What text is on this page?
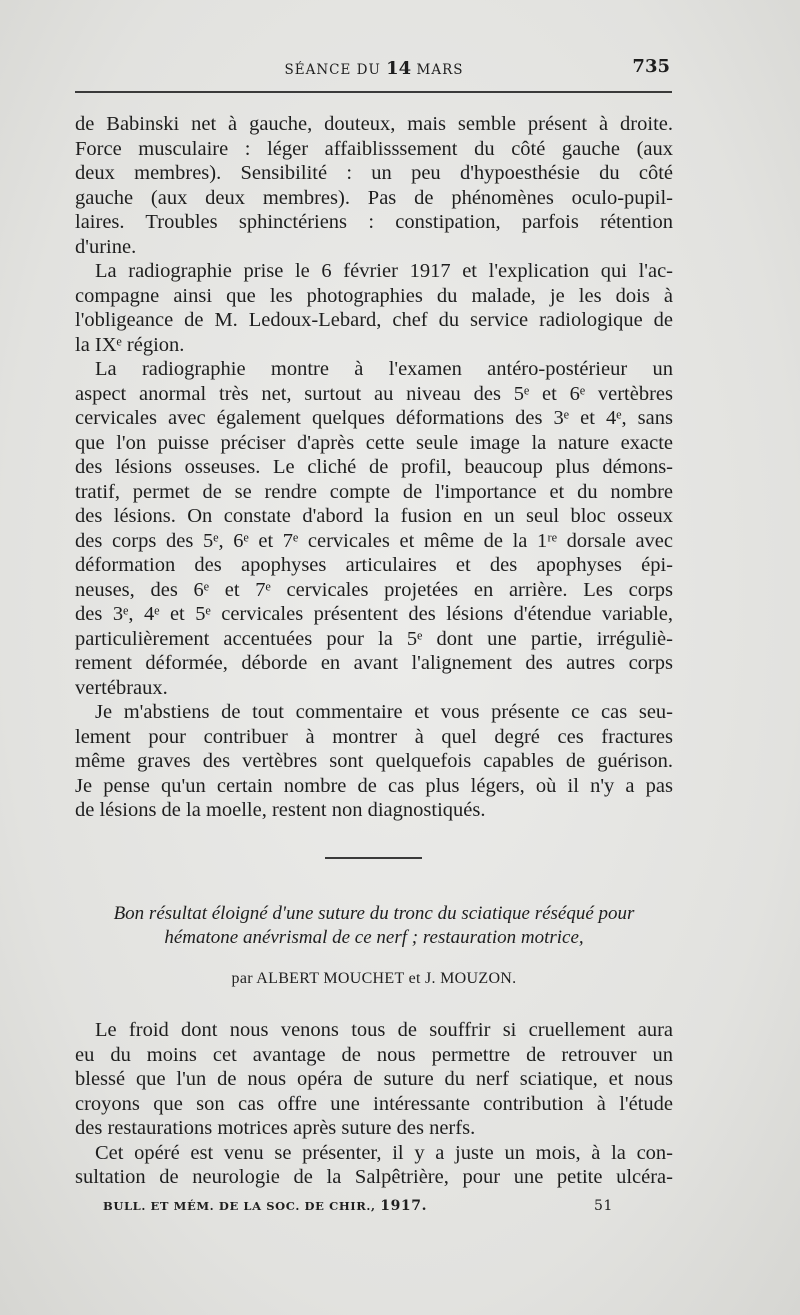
SÉANCE DU 14 MARS	735
de Babinski net à gauche, douteux, mais semble présent à droite.
Force musculaire : léger affaiblisssement du côté gauche (aux
deux membres). Sensibilité : un peu d'hypoesthésie du côté
gauche (aux deux membres). Pas de phénomènes oculo-pupil-
laires. Troubles sphinctériens : constipation, parfois rétention
d'urine.
La radiographie prise le 6 février 1917 et l'explication qui l'ac-
compagne ainsi que les photographies du malade, je les dois à
l'obligeance de M. Ledoux-Lebard, chef du service radiologique de
la IXᵉ région.
La radiographie montre à l'examen antéro-postérieur un
aspect anormal très net, surtout au niveau des 5ᵉ et 6ᵉ vertèbres
cervicales avec également quelques déformations des 3ᵉ et 4ᵉ, sans
que l'on puisse préciser d'après cette seule image la nature exacte
des lésions osseuses. Le cliché de profil, beaucoup plus démons-
tratif, permet de se rendre compte de l'importance et du nombre
des lésions. On constate d'abord la fusion en un seul bloc osseux
des corps des 5ᵉ, 6ᵉ et 7ᵉ cervicales et même de la 1ʳᵉ dorsale avec
déformation des apophyses articulaires et des apophyses épi-
neuses, des 6ᵉ et 7ᵉ cervicales projetées en arrière. Les corps
des 3ᵉ, 4ᵉ et 5ᵉ cervicales présentent des lésions d'étendue variable,
particulièrement accentuées pour la 5ᵉ dont une partie, irréguliè-
rement déformée, déborde en avant l'alignement des autres corps
vertébraux.
Je m'abstiens de tout commentaire et vous présente ce cas seu-
lement pour contribuer à montrer à quel degré ces fractures
même graves des vertèbres sont quelquefois capables de guérison.
Je pense qu'un certain nombre de cas plus légers, où il n'y a pas
de lésions de la moelle, restent non diagnostiqués.
Bon résultat éloigné d'une suture du tronc du sciatique réséqué pour
hématone anévrismal de ce nerf ; restauration motrice,
par ALBERT MOUCHET et J. MOUZON.
Le froid dont nous venons tous de souffrir si cruellement aura
eu du moins cet avantage de nous permettre de retrouver un
blessé que l'un de nous opéra de suture du nerf sciatique, et nous
croyons que son cas offre une intéressante contribution à l'étude
des restaurations motrices après suture des nerfs.
Cet opéré est venu se présenter, il y a juste un mois, à la con-
sultation de neurologie de la Salpêtrière, pour une petite ulcéra-
BULL. ET MÉM. DE LA SOC. DE CHIR., 1917.	51
